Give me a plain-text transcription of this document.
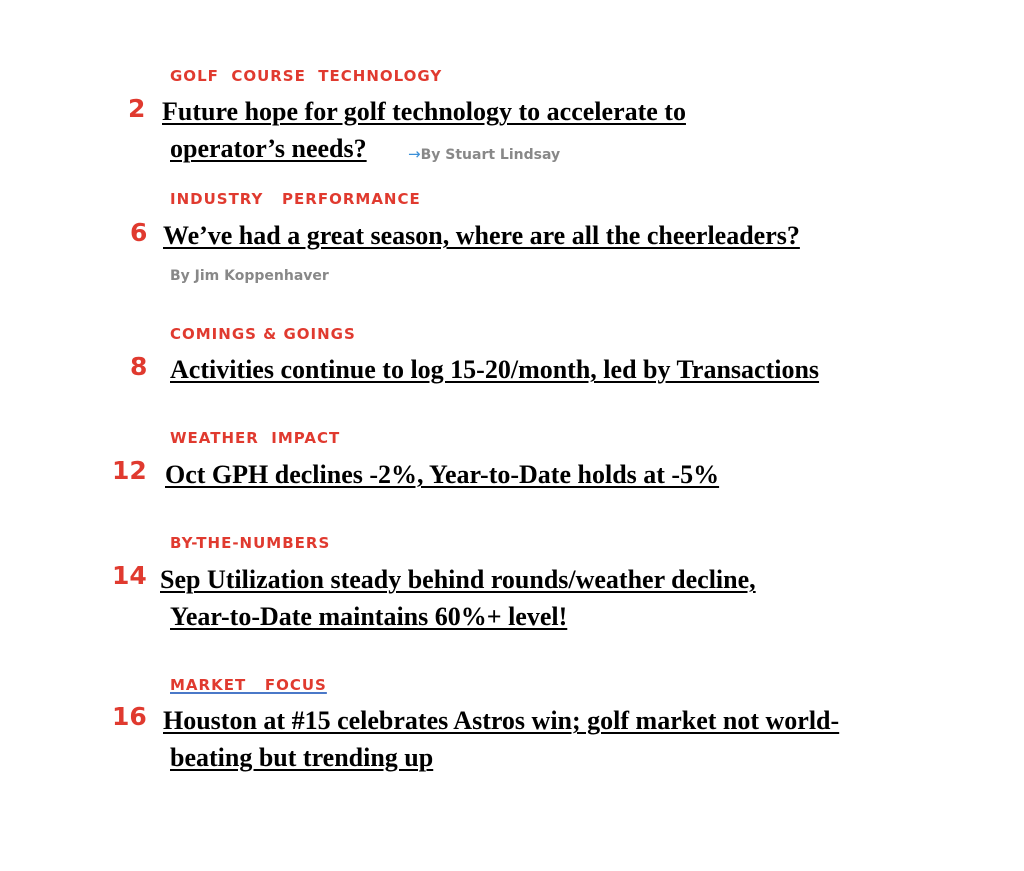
GOLF  COURSE  TECHNOLOGY
2 Future hope for golf technology to accelerate to
operator’s needs?	→By Stuart Lindsay
INDUSTRY   PERFORMANCE
6 We’ve had a great season, where are all the cheerleaders?
By Jim Koppenhaver
COMINGS & GOINGS
8 Activities continue to log 15-20/month, led by Transactions
WEATHER  IMPACT
12 Oct GPH declines -2%, Year-to-Date holds at -5%
BY-THE-NUMBERS
14 Sep Utilization steady behind rounds/weather decline,
Year-to-Date maintains 60%+ level!
MARKET   FOCUS
16 Houston at #15 celebrates Astros win; golf market not world-
beating but trending up
